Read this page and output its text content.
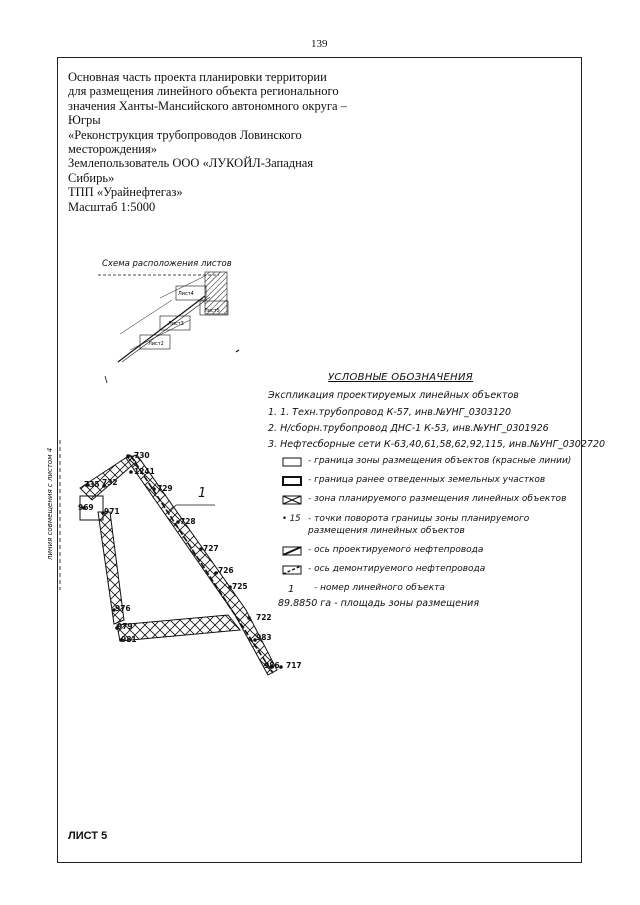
139
Основная часть проекта планировки территории
для размещения линейного объекта регионального
значения Ханты-Мансийского автономного округа –
Югры
«Реконструкция трубопроводов Ловинского
месторождения»
Землепользователь ООО «ЛУКОЙЛ-Западная
Сибирь»
ТПП «Урайнефтегаз»
Масштаб 1:5000
Схема расположения листов
Лист4
Лист5
Лист3
Лист2
1
линия совмещения с листом 4	730
1241
735 732
969 971
729
728
727
726
725
976
979
981
722
983
986 717
УСЛОВНЫЕ ОБОЗНАЧЕНИЯ
Экспликация проектируемых линейных объектов
1. 1. Техн.трубопровод К-57, инв.№УНГ_0303120
2. Н/сборн.трубопровод ДНС-1 К-53, инв.№УНГ_0301926
3. Нефтесборные сети К-63,40,61,58,62,92,115, инв.№УНГ_0302720
- граница зоны размещения объектов (красные линии)
- граница ранее отведенных земельных участков
- зона планируемого размещения линейных объектов
• 15 - точки поворота границы зоны планируемого размещения линейных объектов
- ось проектируемого нефтепровода
- ось демонтируемого нефтепровода
1	- номер линейного объекта
89.8850 га - площадь зоны размещения
ЛИСТ 5
